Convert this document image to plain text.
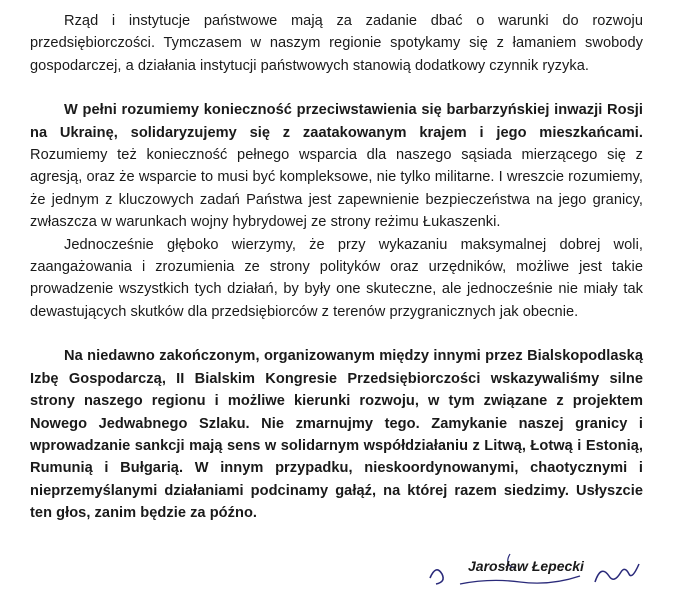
Rząd i instytucje państwowe mają za zadanie dbać o warunki do rozwoju przedsiębiorczości. Tymczasem w naszym regionie spotykamy się z łamaniem swobody gospodarczej, a działania instytucji państwowych stanowią dodatkowy czynnik ryzyka.

W pełni rozumiemy konieczność przeciwstawienia się barbarzyńskiej inwazji Rosji na Ukrainę, solidaryzujemy się z zaatakowanym krajem i jego mieszkańcami. Rozumiemy też konieczność pełnego wsparcia dla naszego sąsiada mierzącego się z agresją, oraz że wsparcie to musi być kompleksowe, nie tylko militarne. I wreszcie rozumiemy, że jednym z kluczowych zadań Państwa jest zapewnienie bezpieczeństwa na jego granicy, zwłaszcza w warunkach wojny hybrydowej ze strony reżimu Łukaszenki.

Jednocześnie głęboko wierzymy, że przy wykazaniu maksymalnej dobrej woli, zaangażowania i zrozumienia ze strony polityków oraz urzędników, możliwe jest takie prowadzenie wszystkich tych działań, by były one skuteczne, ale jednocześnie nie miały tak dewastujących skutków dla przedsiębiorców z terenów przygranicznych jak obecnie.

Na niedawno zakończonym, organizowanym między innymi przez Bialskopodlaską Izbę Gospodarczą, II Bialskim Kongresie Przedsiębiorczości wskazywaliśmy silne strony naszego regionu i możliwe kierunki rozwoju, w tym związane z projektem Nowego Jedwabnego Szlaku. Nie zmarnujmy tego. Zamykanie naszej granicy i wprowadzanie sankcji mają sens w solidarnym współdziałaniu z Litwą, Łotwą i Estonią, Rumunią i Bułgarią. W innym przypadku, nieskoordynowanymi, chaotycznymi i nieprzemyślanymi działaniami podcinamy gałąź, na której razem siedzimy. Usłyszcie ten głos, zanim będzie za późno.

Jarosław Łepecki
